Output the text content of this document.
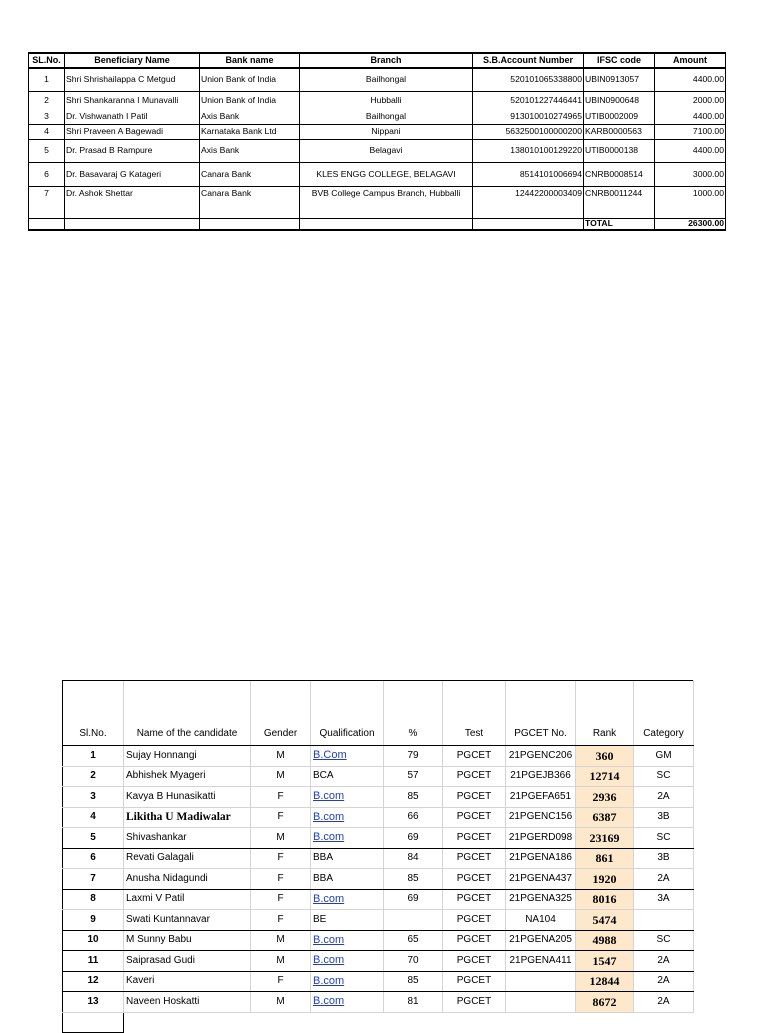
SL.No.	Beneficiary Name	Bank name	Branch	S.B.Account Number	IFSC code	Amount
1	Shri Shrishailappa C Metgud	Union Bank of India	Bailhongal	520101065338800	UBIN0913057	4400.00
2	Shri Shankaranna I Munavalli	Union Bank of India	Hubballi	520101227446441	UBIN0900648	2000.00
3	Dr. Vishwanath I Patil	Axis Bank	Bailhongal	913010010274965	UTIB0002009	4400.00
4	Shri Praveen A Bagewadi	Karnataka Bank Ltd	Nippani	5632500100000200	KARB0000563	7100.00
5	Dr. Prasad B Rampure	Axis Bank	Belagavi	138010100129220	UTIB0000138	4400.00
6	Dr. Basavaraj G Katageri	Canara Bank	KLES ENGG COLLEGE, BELAGAVI	8514101006694	CNRB0008514	3000.00
7	Dr. Ashok Shettar	Canara Bank	BVB College Campus Branch, Hubballi	12442200003409	CNRB0011244	1000.00
					TOTAL	26300.00
Sl.No.	Name of the candidate	Gender	Qualification	%	Test	PGCET No.	Rank	Category
1	Sujay Honnangi	M	B.Com	79	PGCET	21PGENC206	360	GM
2	Abhishek Myageri	M	BCA	57	PGCET	21PGEJB366	12714	SC
3	Kavya B Hunasikatti	F	B.com	85	PGCET	21PGEFA651	2936	2A
4	Likitha U Madiwalar	F	B.com	66	PGCET	21PGENC156	6387	3B
5	Shivashankar	M	B.com	69	PGCET	21PGERD098	23169	SC
6	Revati Galagali	F	BBA	84	PGCET	21PGENA186	861	3B
7	Anusha Nidagundi	F	BBA	85	PGCET	21PGENA437	1920	2A
8	Laxmi V Patil	F	B.com	69	PGCET	21PGENA325	8016	3A
9	Swati Kuntannavar	F	BE		PGCET	NA104	5474	
10	M Sunny Babu	M	B.com	65	PGCET	21PGENA205	4988	SC
11	Saiprasad Gudi	M	B.com	70	PGCET	21PGENA411	1547	2A
12	Kaveri	F	B.com	85	PGCET		12844	2A
13	Naveen Hoskatti	M	B.com	81	PGCET		8672	2A
